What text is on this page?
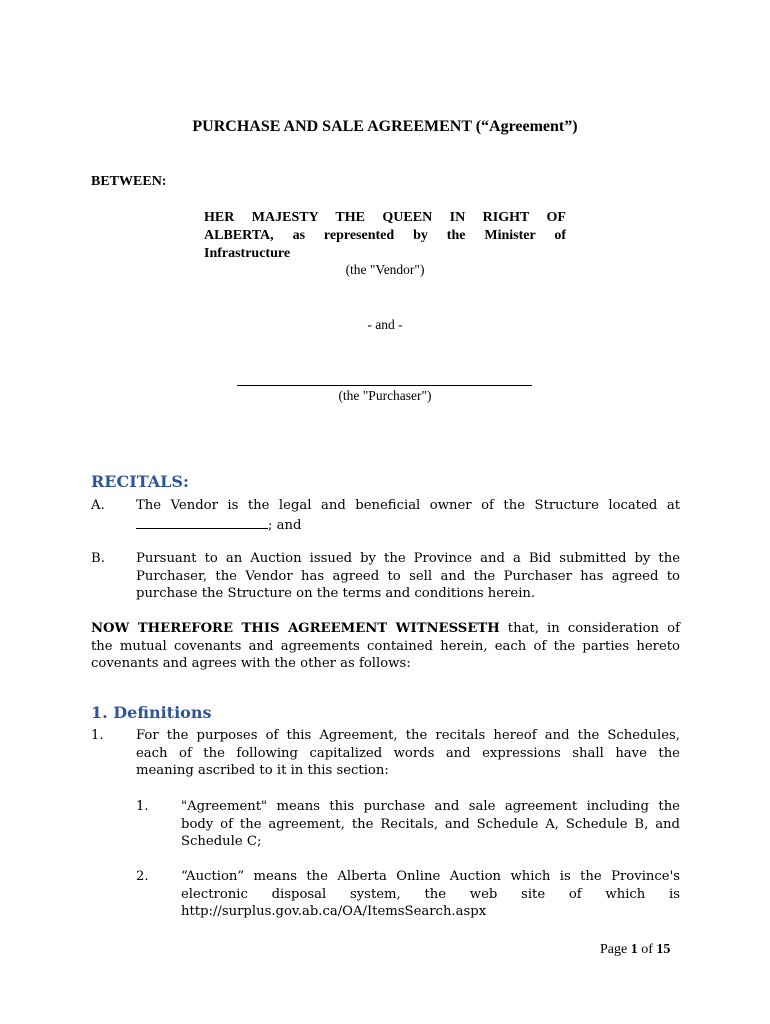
PURCHASE AND SALE AGREEMENT (“Agreement”)
BETWEEN:
HER MAJESTY THE QUEEN IN RIGHT OF
ALBERTA, as represented by the Minister of
Infrastructure
(the "Vendor")
- and -
(the "Purchaser")
RECITALS:
A. The Vendor is the legal and beneficial owner of the Structure located at
; and
B. Pursuant to an Auction issued by the Province and a Bid submitted by the
Purchaser, the Vendor has agreed to sell and the Purchaser has agreed to
purchase the Structure on the terms and conditions herein.
NOW THEREFORE THIS AGREEMENT WITNESSETH that, in consideration of
the mutual covenants and agreements contained herein, each of the parties hereto
covenants and agrees with the other as follows:
1. Definitions
1. For the purposes of this Agreement, the recitals hereof and the Schedules,
each of the following capitalized words and expressions shall have the
meaning ascribed to it in this section:
1. "Agreement" means this purchase and sale agreement including the
body of the agreement, the Recitals, and Schedule A, Schedule B, and
Schedule C;
2. “Auction” means the Alberta Online Auction which is the Province's
electronic disposal system, the web site of which is
http://surplus.gov.ab.ca/OA/ItemsSearch.aspx
Page 1 of 15
